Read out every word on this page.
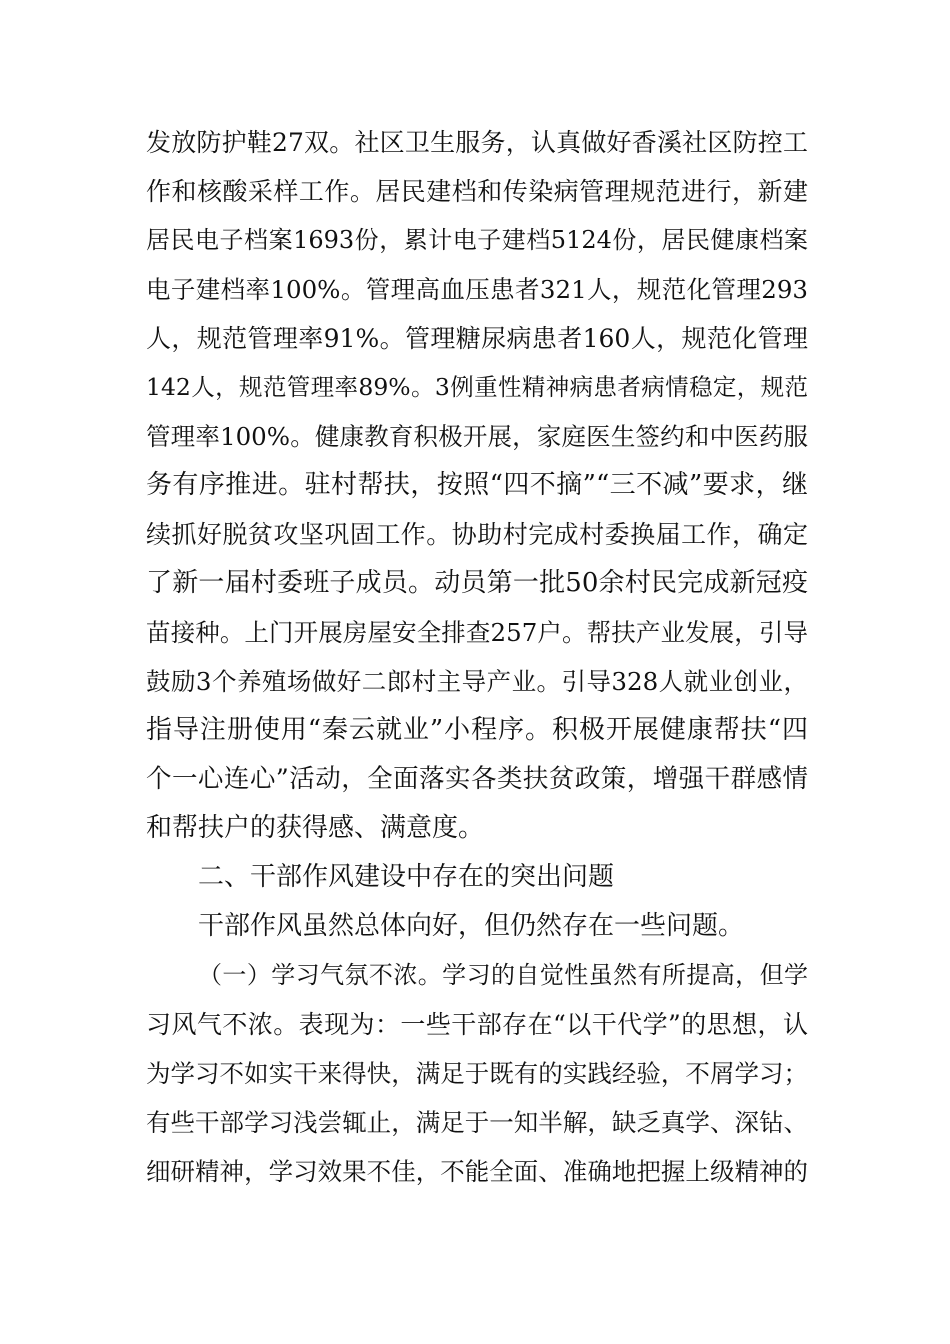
发放防护鞋27双。社区卫生服务，认真做好香溪社区防控工
作和核酸采样工作。居民建档和传染病管理规范进行，新建
居民电子档案1693份，累计电子建档5124份，居民健康档案
电子建档率100%。管理高血压患者321人，规范化管理293
人，规范管理率91%。管理糖尿病患者160人，规范化管理
142人，规范管理率89%。3例重性精神病患者病情稳定，规范
管理率100%。健康教育积极开展，家庭医生签约和中医药服
务有序推进。驻村帮扶，按照“四不摘”“三不减”要求，继
续抓好脱贫攻坚巩固工作。协助村完成村委换届工作，确定
了新一届村委班子成员。动员第一批50余村民完成新冠疫
苗接种。上门开展房屋安全排查257户。帮扶产业发展，引导
鼓励3个养殖场做好二郎村主导产业。引导328人就业创业，
指导注册使用“秦云就业”小程序。积极开展健康帮扶“四
个一心连心”活动，全面落实各类扶贫政策，增强干群感情
和帮扶户的获得感、满意度。
二、干部作风建设中存在的突出问题
干部作风虽然总体向好，但仍然存在一些问题。
（一）学习气氛不浓。学习的自觉性虽然有所提高，但学
习风气不浓。表现为：一些干部存在“以干代学”的思想，认
为学习不如实干来得快，满足于既有的实践经验，不屑学习；
有些干部学习浅尝辄止，满足于一知半解，缺乏真学、深钻、
细研精神，学习效果不佳，不能全面、准确地把握上级精神的
